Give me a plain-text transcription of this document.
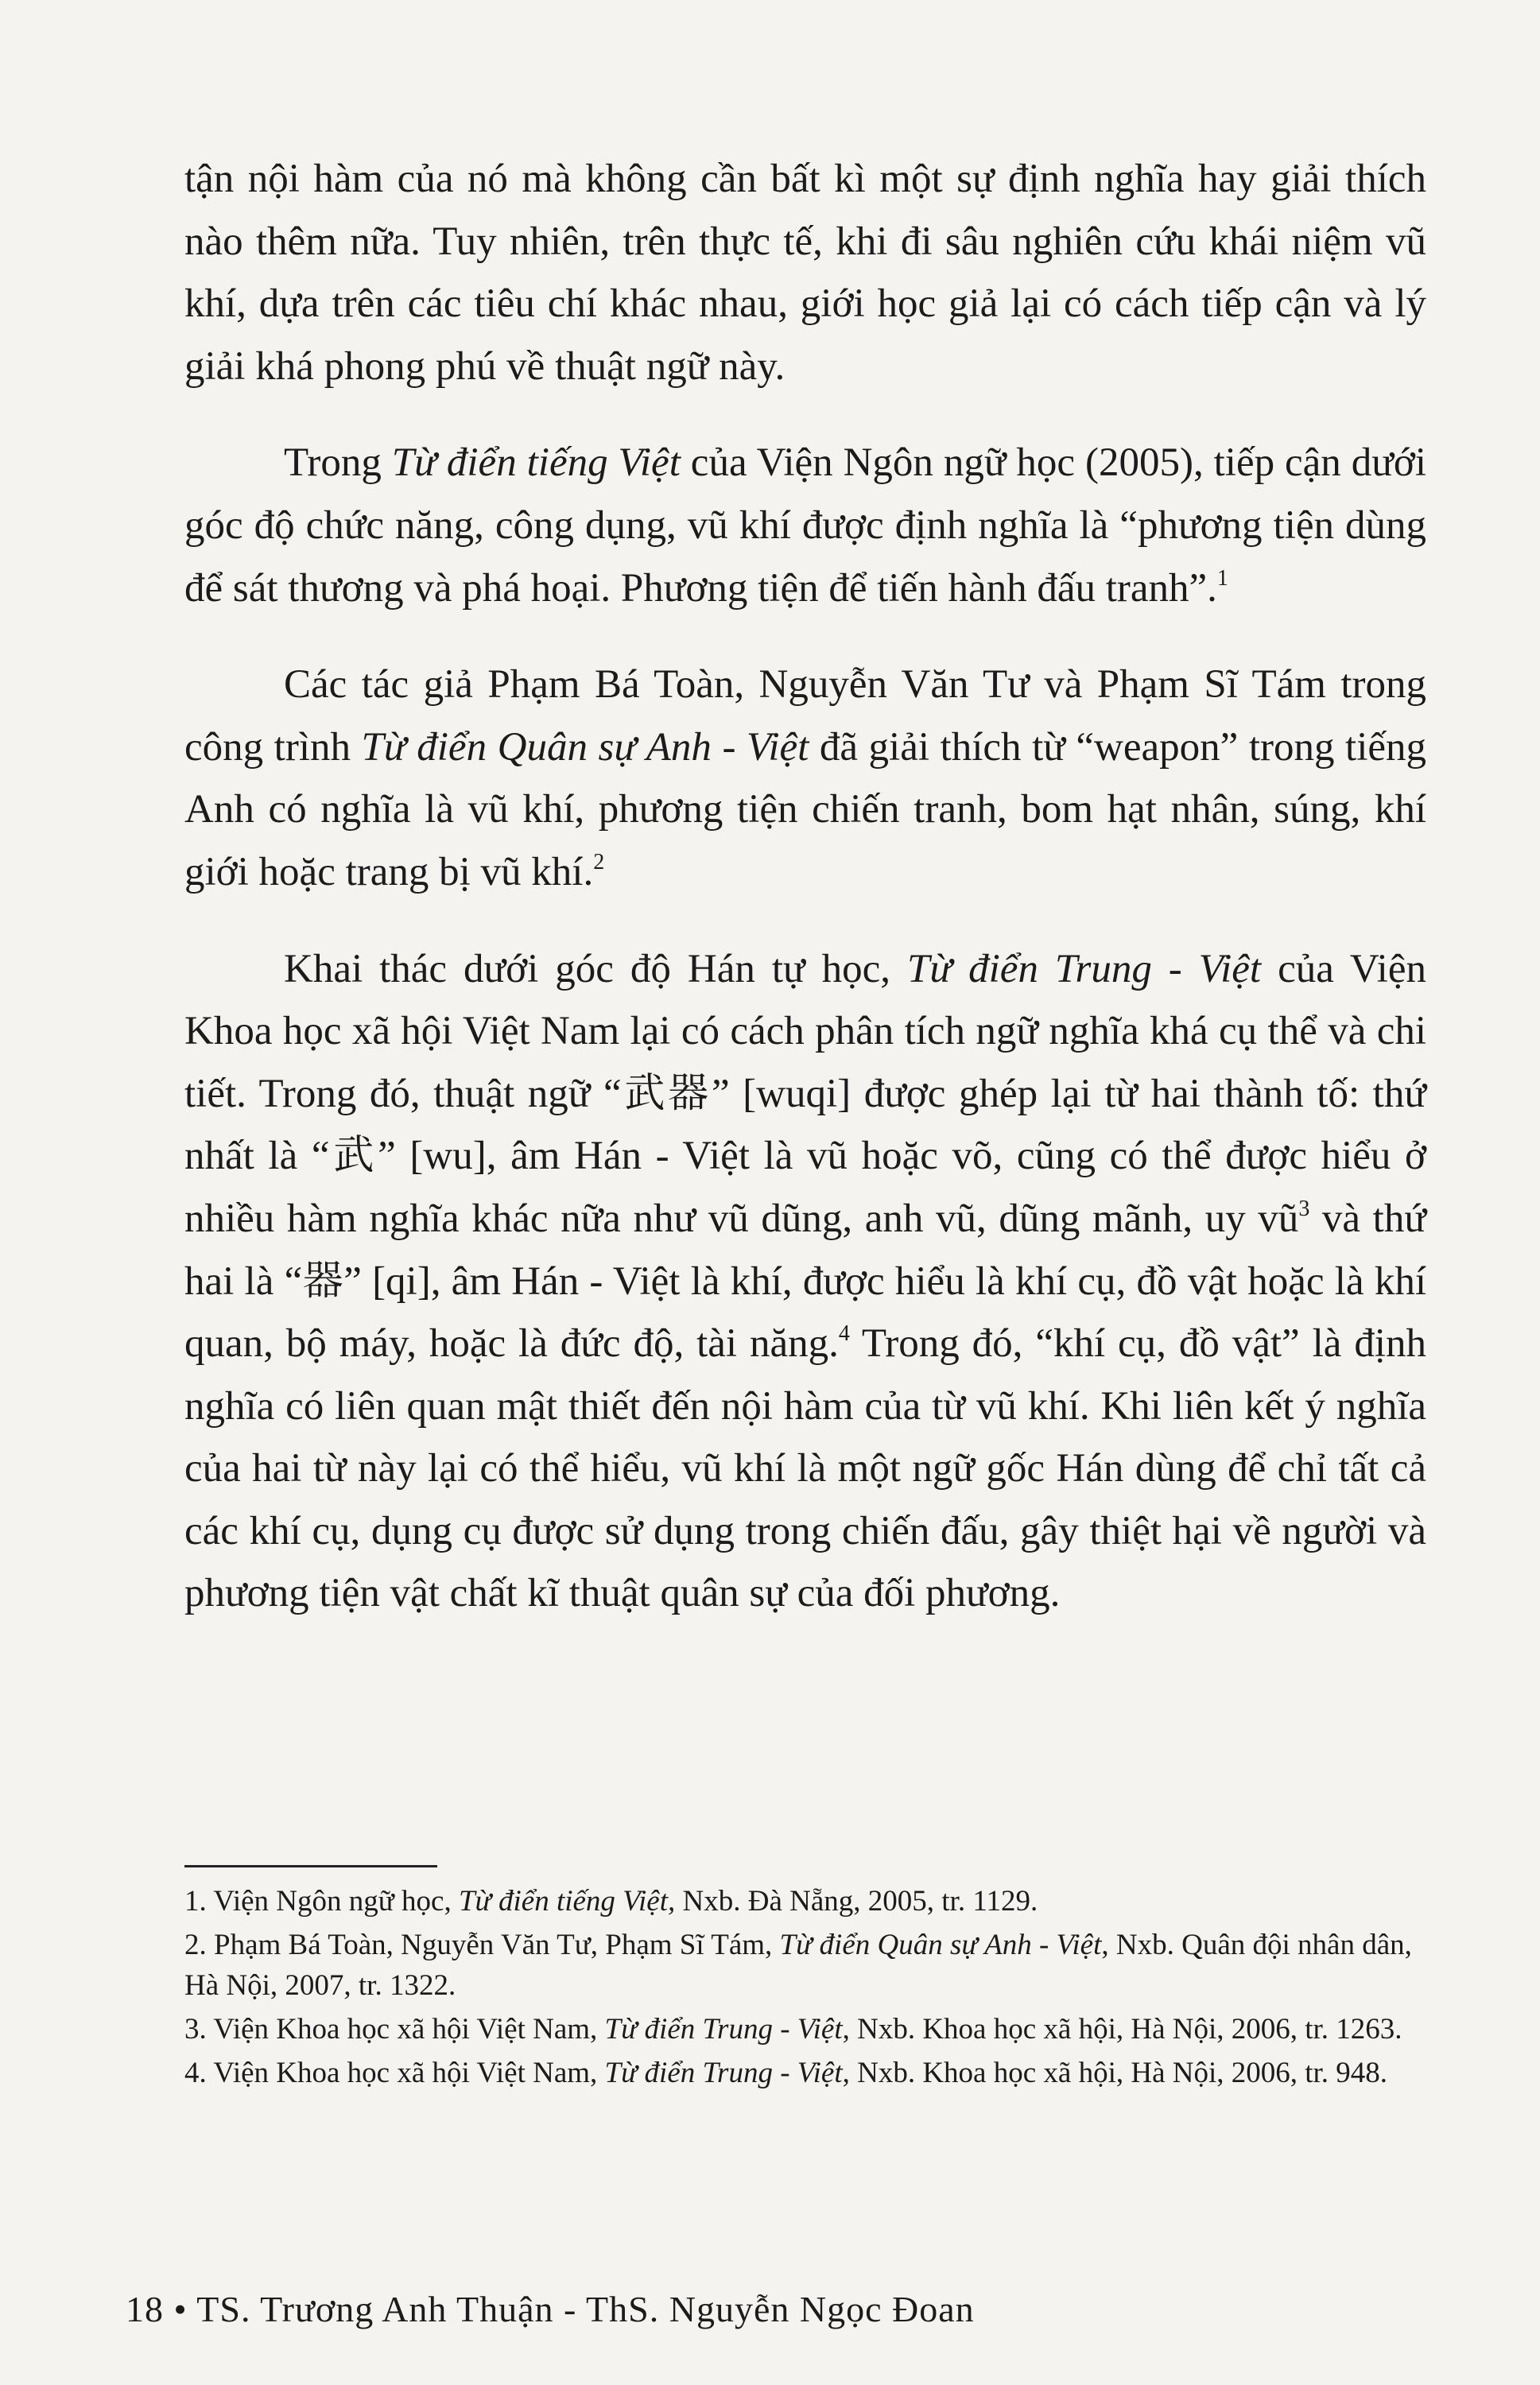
tận nội hàm của nó mà không cần bất kì một sự định nghĩa hay giải thích nào thêm nữa. Tuy nhiên, trên thực tế, khi đi sâu nghiên cứu khái niệm vũ khí, dựa trên các tiêu chí khác nhau, giới học giả lại có cách tiếp cận và lý giải khá phong phú về thuật ngữ này.

Trong Từ điển tiếng Việt của Viện Ngôn ngữ học (2005), tiếp cận dưới góc độ chức năng, công dụng, vũ khí được định nghĩa là “phương tiện dùng để sát thương và phá hoại. Phương tiện để tiến hành đấu tranh”.$^1$

Các tác giả Phạm Bá Toàn, Nguyễn Văn Tư và Phạm Sĩ Tám trong công trình Từ điển Quân sự Anh - Việt đã giải thích từ “weapon” trong tiếng Anh có nghĩa là vũ khí, phương tiện chiến tranh, bom hạt nhân, súng, khí giới hoặc trang bị vũ khí.$^2$

Khai thác dưới góc độ Hán tự học, Từ điển Trung - Việt của Viện Khoa học xã hội Việt Nam lại có cách phân tích ngữ nghĩa khá cụ thể và chi tiết. Trong đó, thuật ngữ “武器” [wuqi] được ghép lại từ hai thành tố: thứ nhất là “武” [wu], âm Hán - Việt là vũ hoặc võ, cũng có thể được hiểu ở nhiều hàm nghĩa khác nữa như vũ dũng, anh vũ, dũng mãnh, uy $vũ^3$ và thứ hai là “器” [qi], âm Hán - Việt là khí, được hiểu là khí cụ, đồ vật hoặc là khí quan, bộ máy, hoặc là đức độ, tài năng.$^4$ Trong đó, “khí cụ, đồ vật” là định nghĩa có liên quan mật thiết đến nội hàm của từ vũ khí. Khi liên kết ý nghĩa của hai từ này lại có thể hiểu, vũ khí là một ngữ gốc Hán dùng để chỉ tất cả các khí cụ, dụng cụ được sử dụng trong chiến đấu, gây thiệt hại về người và phương tiện vật chất kĩ thuật quân sự của đối phương.

1. Viện Ngôn ngữ học, Từ điển tiếng Việt, Nxb. Đà Nẵng, 2005, tr. 1129.

2. Phạm Bá Toàn, Nguyễn Văn Tư, Phạm Sĩ Tám, Từ điển Quân sự Anh - Việt, Nxb. Quân đội nhân dân, Hà Nội, 2007, tr. 1322.

3. Viện Khoa học xã hội Việt Nam, Từ điển Trung - Việt, Nxb. Khoa học xã hội, Hà Nội, 2006, tr. 1263.

4. Viện Khoa học xã hội Việt Nam, Từ điển Trung - Việt, Nxb. Khoa học xã hội, Hà Nội, 2006, tr. 948.

18 • TS. Trương Anh Thuận - ThS. Nguyễn Ngọc Đoan
